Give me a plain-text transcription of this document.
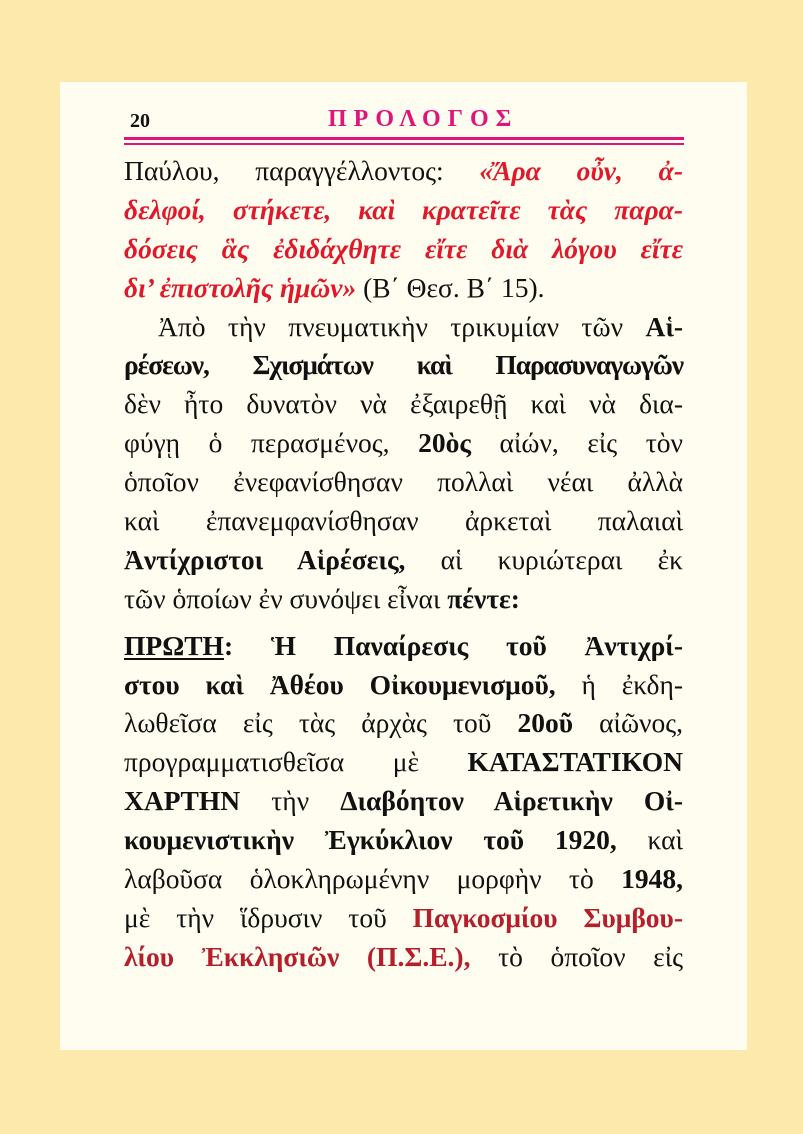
20	ΠΡΟΛΟΓΟΣ
Παύλου, παραγγέλλοντος: «Ἄρα οὖν, ἀ-
δελφοί, στήκετε, καὶ κρατεῖτε τὰς παρα-
δόσεις ἃς ἐδιδάχθητε εἴτε διὰ λόγου εἴτε
δι’ ἐπιστολῆς ἡμῶν» (Β΄ Θεσ. Β΄ 15).
Ἀπὸ τὴν πνευματικὴν τρικυμίαν τῶν Αἱ-
ρέσεων, Σχισμάτων καὶ Παρασυναγωγῶν
δὲν ἦτο δυνατὸν νὰ ἐξαιρεθῇ καὶ νὰ δια-
φύγῃ ὁ περασμένος, 20ὸς αἰών, εἰς τὸν
ὁποῖον ἐνεφανίσθησαν πολλαὶ νέαι ἀλλὰ
καὶ ἐπανεμφανίσθησαν ἀρκεταὶ παλαιαὶ
Ἀντίχριστοι Αἱρέσεις, αἱ κυριώτεραι ἐκ
τῶν ὁποίων ἐν συνόψει εἶναι πέντε:
ΠΡΩΤΗ: Ἡ Παναίρεσις τοῦ Ἀντιχρί-
στου καὶ Ἀθέου Οἰκουμενισμοῦ, ἡ ἐκδη-
λωθεῖσα εἰς τὰς ἀρχὰς τοῦ 20οῦ αἰῶνος,
προγραμματισθεῖσα μὲ ΚΑΤΑΣΤΑΤΙΚΟΝ
ΧΑΡΤΗΝ τὴν Διαβόητον Αἱρετικὴν Οἰ-
κουμενιστικὴν Ἐγκύκλιον τοῦ 1920, καὶ
λαβοῦσα ὁλοκληρωμένην μορφὴν τὸ 1948,
μὲ τὴν ἵδρυσιν τοῦ Παγκοσμίου Συμβου-
λίου Ἐκκλησιῶν (Π.Σ.Ε.), τὸ ὁποῖον εἰς
